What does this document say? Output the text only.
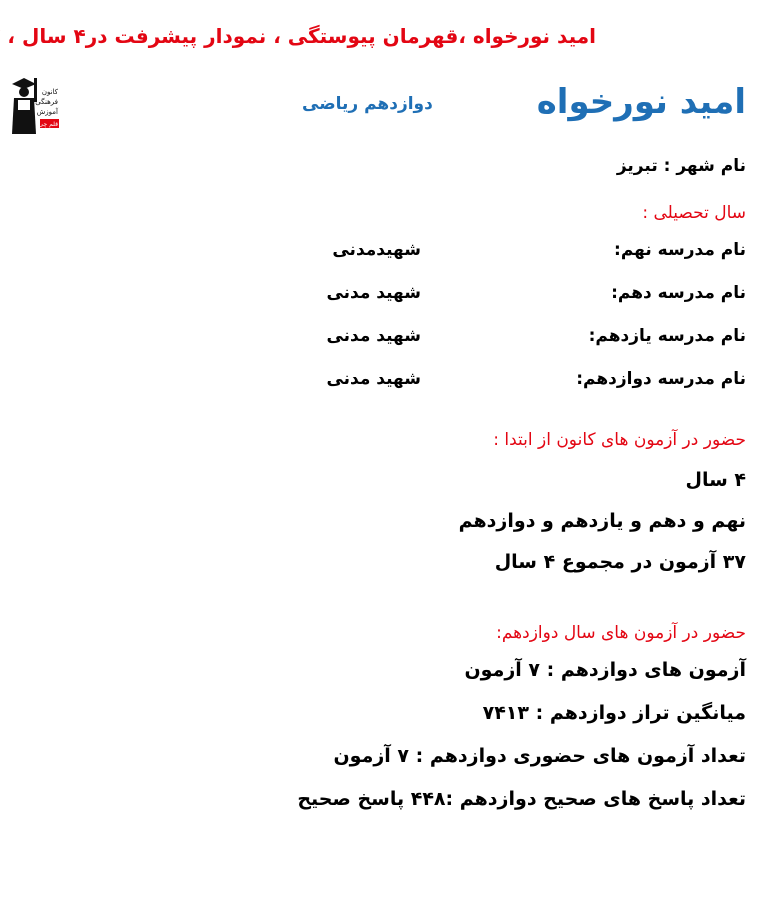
امید نورخواه ،قهرمان پیوستگی ، نمودار پیشرفت در۴ سال ،
کانون
فرهنگی
آموزش
قلم چی
امید نورخواه
دوازدهم ریاضی
نام شهر : تبریز
سال تحصیلی :
نام مدرسه نهم:
شهیدمدنی
نام مدرسه دهم:
شهید مدنی
نام مدرسه یازدهم:
شهید مدنی
نام مدرسه دوازدهم:
شهید مدنی
حضور در آزمون های کانون از ابتدا :
۴ سال
نهم و دهم و یازدهم و دوازدهم
۳۷ آزمون در مجموع ۴ سال
حضور در آزمون های سال دوازدهم:
آزمون های دوازدهم : ۷ آزمون
میانگین تراز دوازدهم : ۷۴۱۳
تعداد آزمون های حضوری دوازدهم : ۷ آزمون
تعداد پاسخ های صحیح دوازدهم :۴۴۸ پاسخ صحیح
